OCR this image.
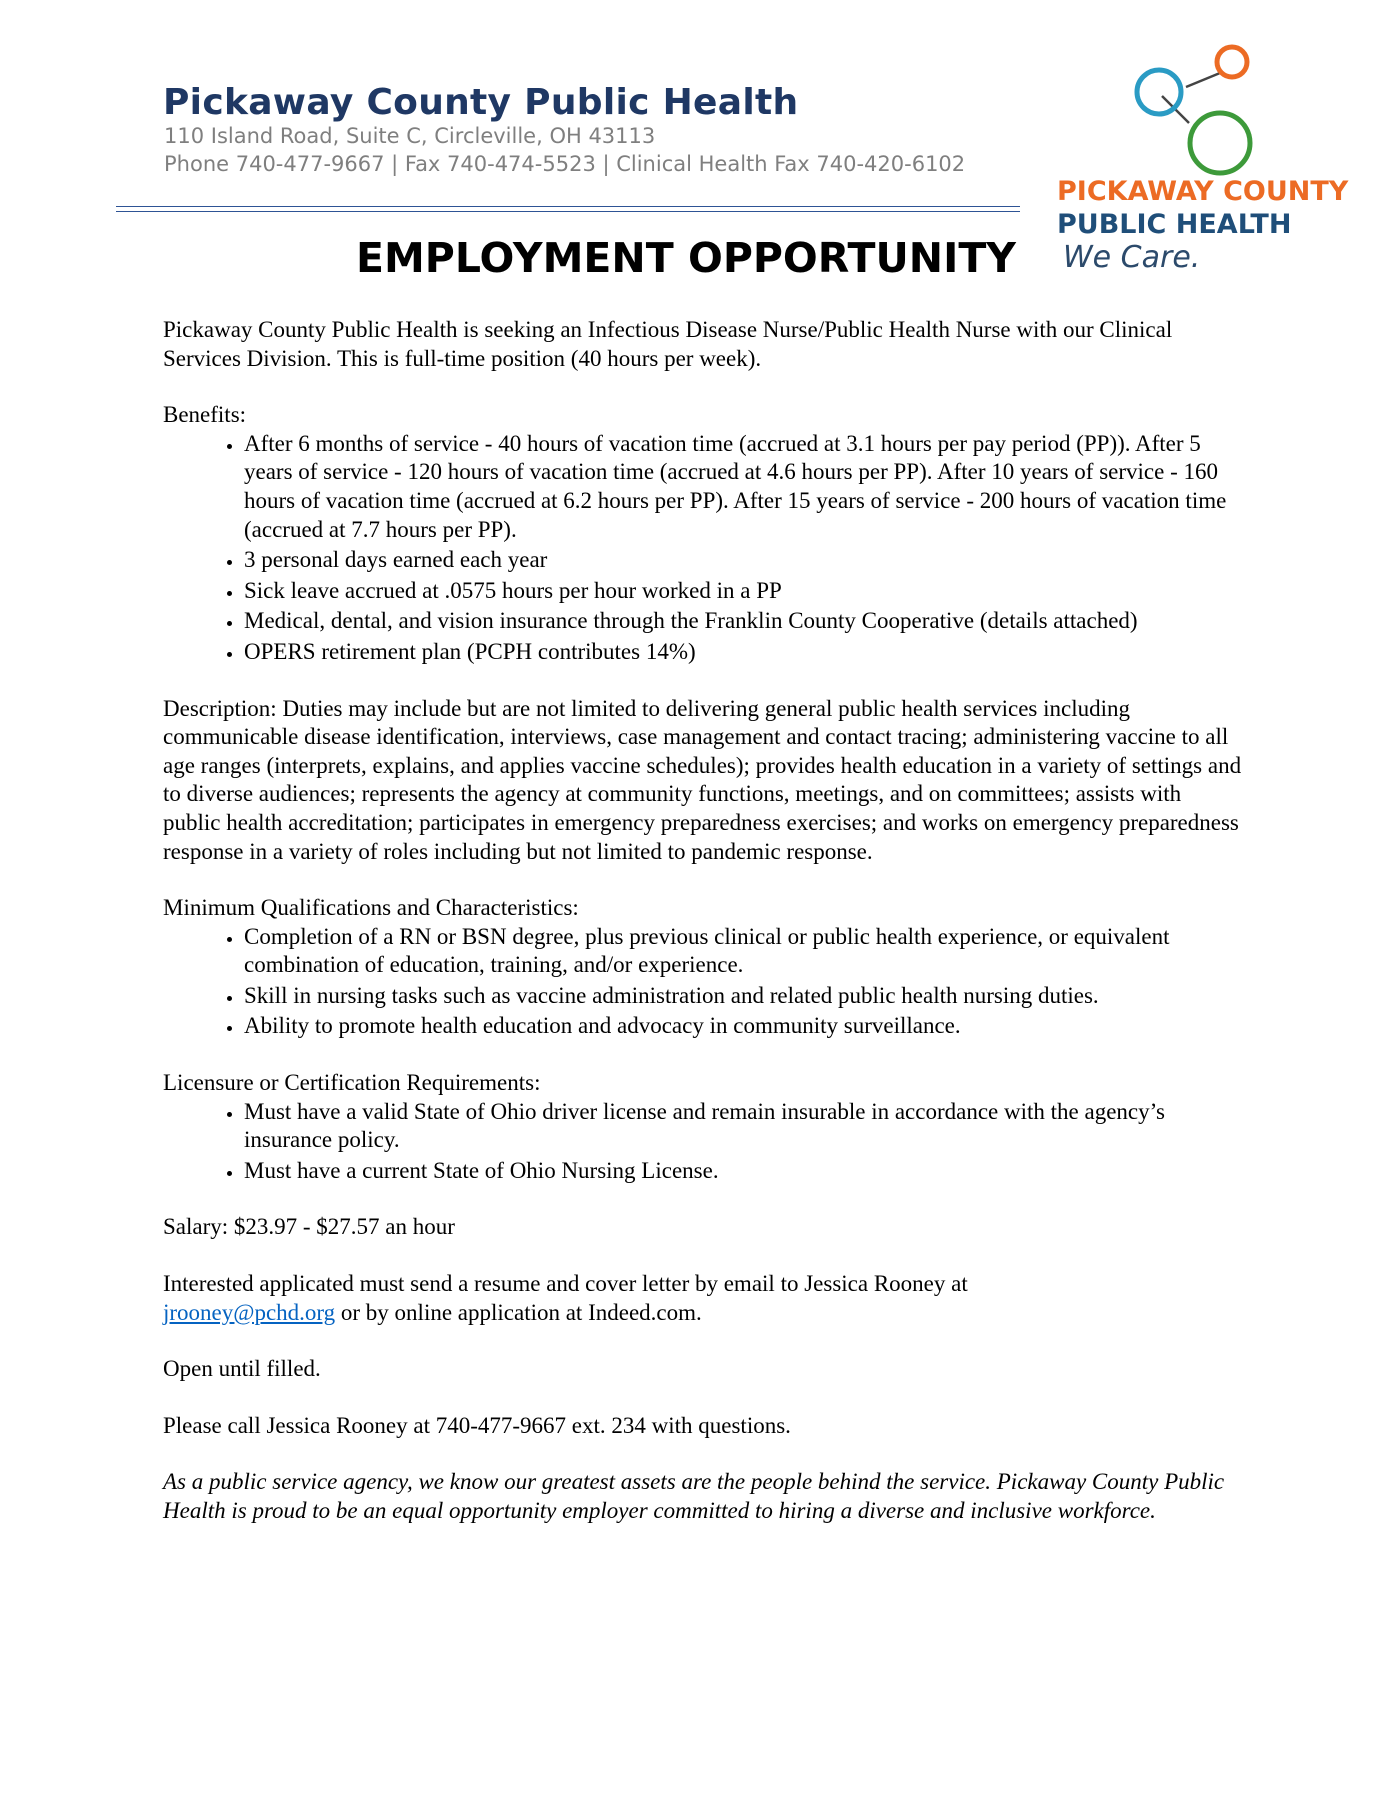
Pickaway County Public Health
110 Island Road, Suite C, Circleville, OH 43113
Phone 740-477-9667 | Fax 740-474-5523 | Clinical Health Fax 740-420-6102
PICKAWAY COUNTY
PUBLIC HEALTH
We Care.
EMPLOYMENT OPPORTUNITY

Pickaway County Public Health is seeking an Infectious Disease Nurse/Public Health Nurse with our Clinical Services Division. This is full-time position (40 hours per week).

Benefits:

• After 6 months of service - 40 hours of vacation time (accrued at 3.1 hours per pay period (PP)). After 5 years of service - 120 hours of vacation time (accrued at 4.6 hours per PP). After 10 years of service - 160 hours of vacation time (accrued at 6.2 hours per PP). After 15 years of service - 200 hours of vacation time (accrued at 7.7 hours per PP).
• 3 personal days earned each year
• Sick leave accrued at .0575 hours per hour worked in a PP
• Medical, dental, and vision insurance through the Franklin County Cooperative (details attached)
• OPERS retirement plan (PCPH contributes 14%)

Description: Duties may include but are not limited to delivering general public health services including communicable disease identification, interviews, case management and contact tracing; administering vaccine to all age ranges (interprets, explains, and applies vaccine schedules); provides health education in a variety of settings and to diverse audiences; represents the agency at community functions, meetings, and on committees; assists with public health accreditation; participates in emergency preparedness exercises; and works on emergency preparedness response in a variety of roles including but not limited to pandemic response.

Minimum Qualifications and Characteristics:

• Completion of a RN or BSN degree, plus previous clinical or public health experience, or equivalent combination of education, training, and/or experience.
• Skill in nursing tasks such as vaccine administration and related public health nursing duties.
• Ability to promote health education and advocacy in community surveillance.

Licensure or Certification Requirements:

• Must have a valid State of Ohio driver license and remain insurable in accordance with the agency’s insurance policy.
• Must have a current State of Ohio Nursing License.

Salary: $23.97 - $27.57 an hour

Interested applicated must send a resume and cover letter by email to Jessica Rooney at
jrooney@pchd.org or by online application at Indeed.com.

Open until filled.

Please call Jessica Rooney at 740-477-9667 ext. 234 with questions.

As a public service agency, we know our greatest assets are the people behind the service. Pickaway County Public Health is proud to be an equal opportunity employer committed to hiring a diverse and inclusive workforce.
